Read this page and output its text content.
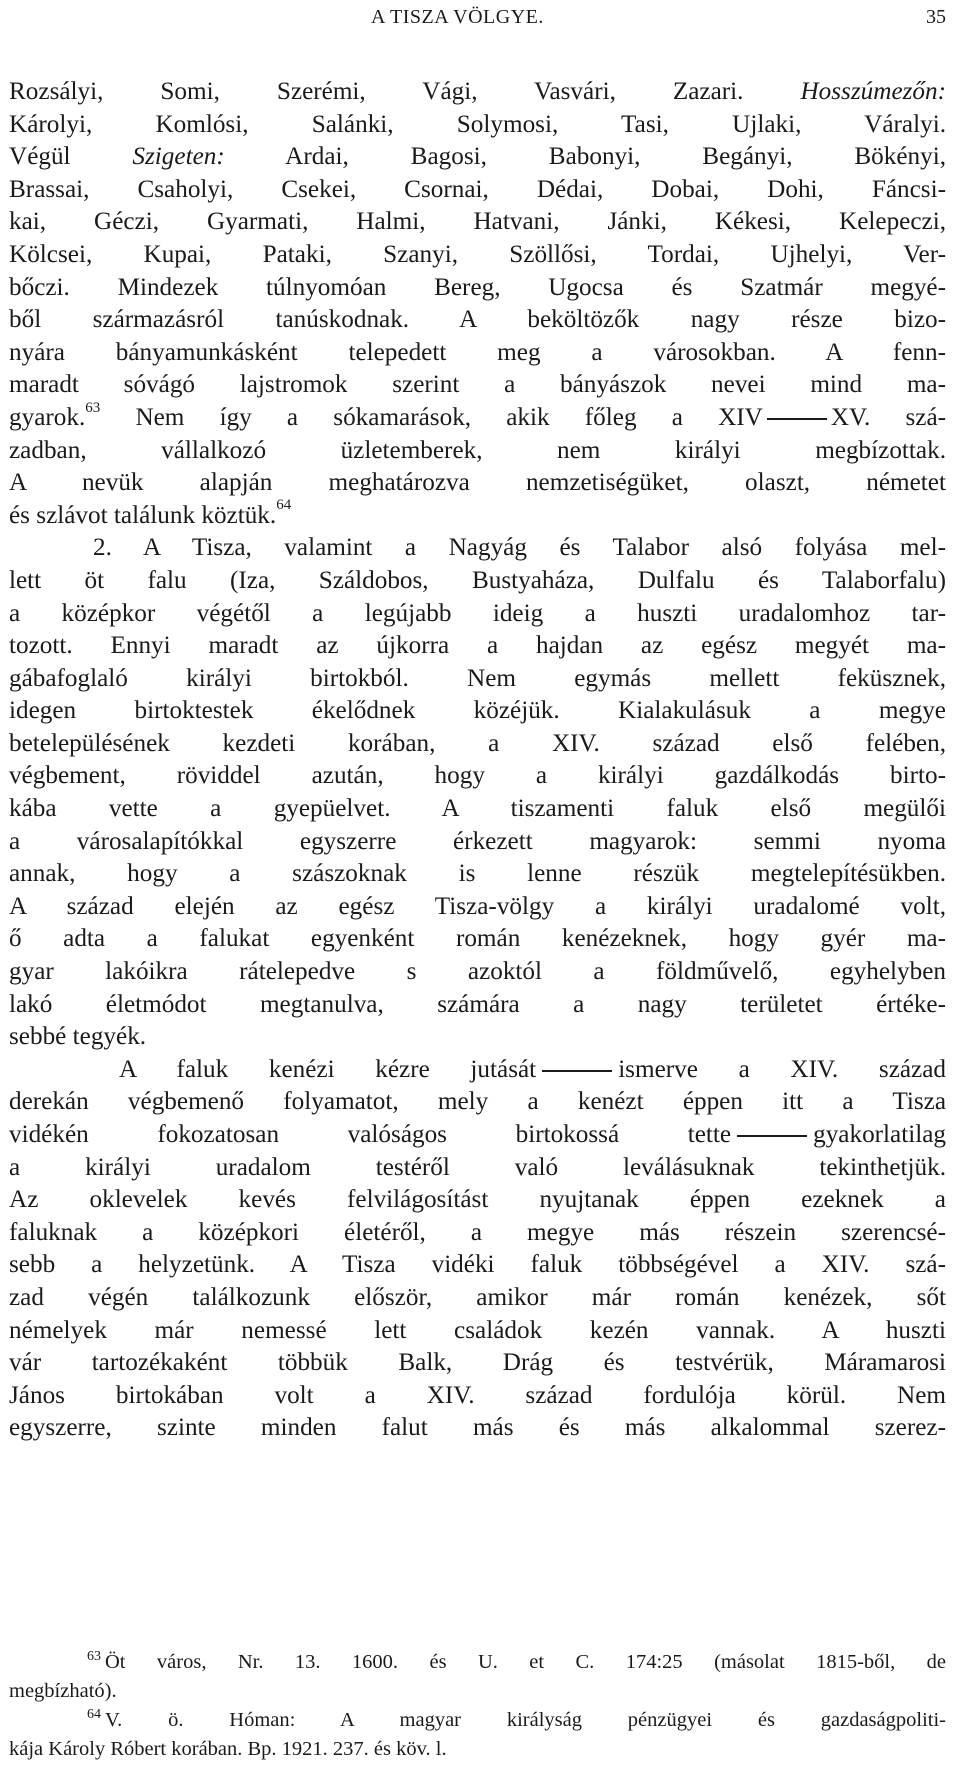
A TISZA VÖLGYE.	35
Rozsályi, Somi, Szerémi, Vági, Vasvári, Zazari. Hosszúmezőn:
Károlyi, Komlósi, Salánki, Solymosi, Tasi, Ujlaki, Váralyi.
Végül Szigeten: Ardai, Bagosi, Babonyi, Begányi, Bökényi,
Brassai, Csaholyi, Csekei, Csornai, Dédai, Dobai, Dohi, Fáncsi-
kai, Géczi, Gyarmati, Halmi, Hatvani, Jánki, Kékesi, Kelepeczi,
Kölcsei, Kupai, Pataki, Szanyi, Szöllősi, Tordai, Ujhelyi, Ver-
bőczi. Mindezek túlnyomóan Bereg, Ugocsa és Szatmár megyé-
ből származásról tanúskodnak. A beköltözők nagy része bizo-
nyára bányamunkásként telepedett meg a városokban. A fenn-
maradt sóvágó lajstromok szerint a bányászok nevei mind ma-
gyarok.$^{63}$ Nem így a sókamarások, akik főleg a XIV	XV. szá-
zadban, vállalkozó üzletemberek, nem királyi megbízottak.
A nevük alapján meghatározva nemzetiségüket, olaszt, németet
és szlávot találunk köztük.$^{64}$
2. A Tisza, valamint a Nagyág és Talabor alsó folyása mel-
lett öt falu (Iza, Száldobos, Bustyaháza, Dulfalu és Talaborfalu)
a középkor végétől a legújabb ideig a huszti uradalomhoz tar-
tozott. Ennyi maradt az újkorra a hajdan az egész megyét ma-
gábafoglaló királyi birtokból. Nem egymás mellett feküsznek,
idegen birtoktestek ékelődnek közéjük. Kialakulásuk a megye
betelepülésének kezdeti korában, a XIV. század első felében,
végbement, röviddel azután, hogy a királyi gazdálkodás birto-
kába vette a gyepüelvet. A tiszamenti faluk első megülői
a városalapítókkal egyszerre érkezett magyarok: semmi nyoma
annak, hogy a szászoknak is lenne részük megtelepítésükben.
A század elején az egész Tisza-völgy a királyi uradalomé volt,
ő adta a falukat egyenként román kenézeknek, hogy gyér ma-
gyar lakóikra rátelepedve s azoktól a földművelő, egyhelyben
lakó életmódot megtanulva, számára a nagy területet értéke-
sebbé tegyék.
A faluk kenézi kézre jutását	ismerve a XIV. század
derekán végbemenő folyamatot, mely a kenézt éppen itt a Tisza
vidékén fokozatosan valóságos birtokossá tette	gyakorlatilag
a királyi uradalom testéről való leválásuknak tekinthetjük.
Az oklevelek kevés felvilágosítást nyujtanak éppen ezeknek a
faluknak a középkori életéről, a megye más részein szerencsé-
sebb a helyzetünk. A Tisza vidéki faluk többségével a XIV. szá-
zad végén találkozunk először, amikor már román kenézek, sőt
némelyek már nemessé lett családok kezén vannak. A huszti
vár tartozékaként többük Balk, Drág és testvérük, Máramarosi
János birtokában volt a XIV. század fordulója körül. Nem
egyszerre, szinte minden falut más és más alkalommal szerez-
$^{63}$ Öt város, Nr. 13. 1600. és U. et C. 174:25 (másolat 1815-ből, de
megbízható).
$^{64}$ V. ö. Hóman: A magyar királyság pénzügyei és gazdaságpoliti-
kája Károly Róbert korában. Bp. 1921. 237. és köv. l.
